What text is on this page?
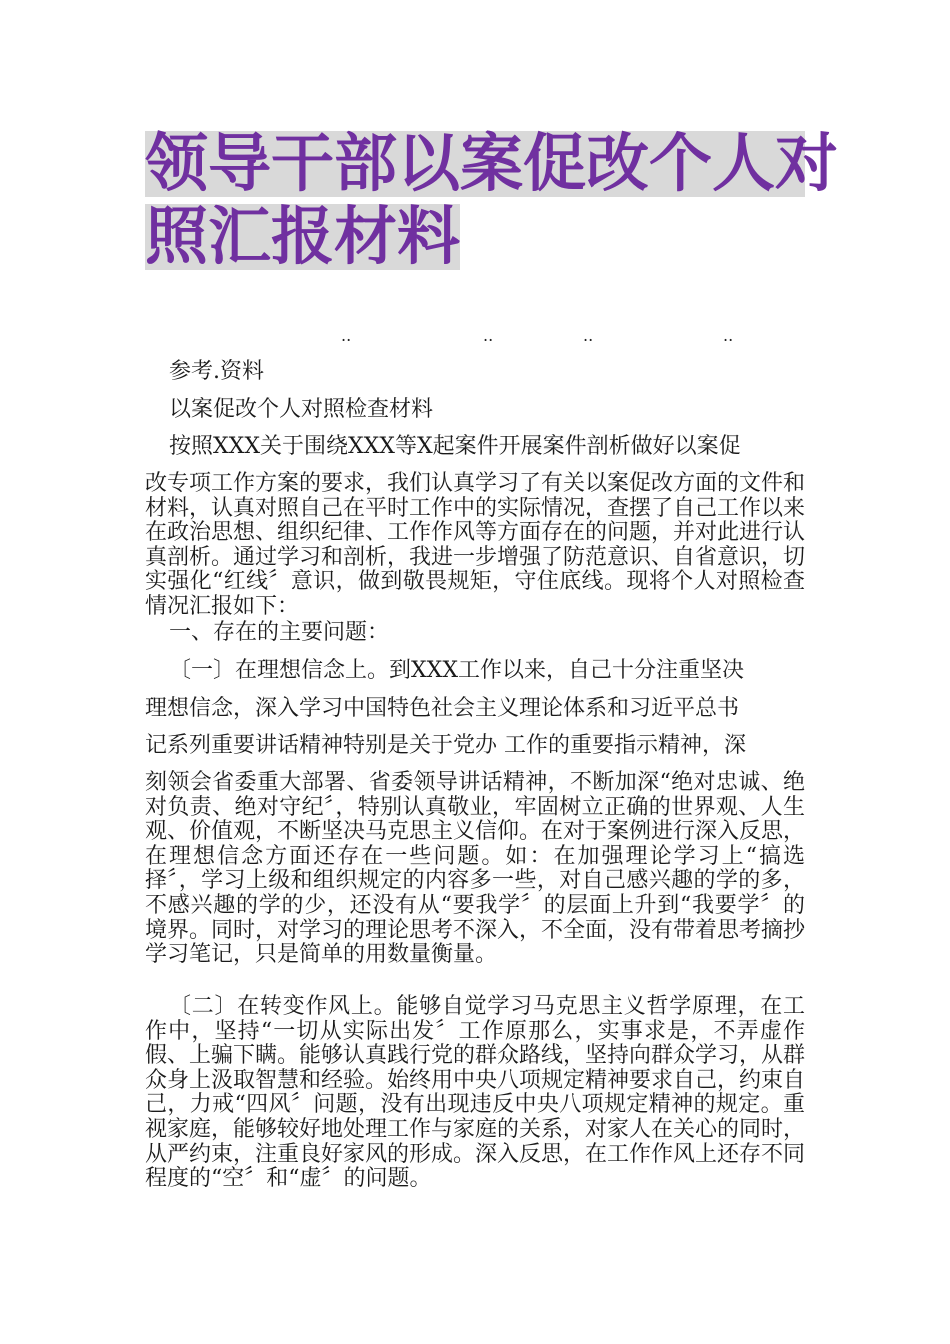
领导干部以案促改个人对
照汇报材料
..	..	..	..
参考.资料
以案促改个人对照检查材料
按照XXX关于围绕XXX等X起案件开展案件剖析做好以案促
改专项工作方案的要求，我们认真学习了有关以案促改方面的文件和材料，认真对照自己在平时工作中的实际情况，查摆了自己工作以来在政治思想、组织纪律、工作作风等方面存在的问题，并对此进行认真剖析。通过学习和剖析，我进一步增强了防范意识、自省意识，切实强化“红线〞意识，做到敬畏规矩，守住底线。现将个人对照检查情况汇报如下：
一、存在的主要问题：
〔一〕在理想信念上。到XXX工作以来，自己十分注重坚决
理想信念，深入学习中国特色社会主义理论体系和习近平总书
记系列重要讲话精神特别是关于党办 工作的重要指示精神，深
刻领会省委重大部署、省委领导讲话精神，不断加深“绝对忠诚、绝对负责、绝对守纪〞，特别认真敬业，牢固树立正确的世界观、人生观、价值观，不断坚决马克思主义信仰。在对于案例进行深入反思，在理想信念方面还存在一些问题。如：在加强理论学习上“搞选择〞，学习上级和组织规定的内容多一些，对自己感兴趣的学的多，不感兴趣的学的少，还没有从“要我学〞的层面上升到“我要学〞的境界。同时，对学习的理论思考不深入，不全面，没有带着思考摘抄学习笔记，只是简单的用数量衡量。
〔二〕在转变作风上。能够自觉学习马克思主义哲学原理，在工作中，坚持“一切从实际出发〞工作原那么，实事求是，不弄虚作假、上骗下瞒。能够认真践行党的群众路线，坚持向群众学习，从群众身上汲取智慧和经验。始终用中央八项规定精神要求自己，约束自己，力戒“四风〞问题，没有出现违反中央八项规定精神的规定。重视家庭，能够较好地处理工作与家庭的关系，对家人在关心的同时，从严约束，注重良好家风的形成。深入反思，在工作作风上还存不同程度的“空〞和“虚〞的问题。
